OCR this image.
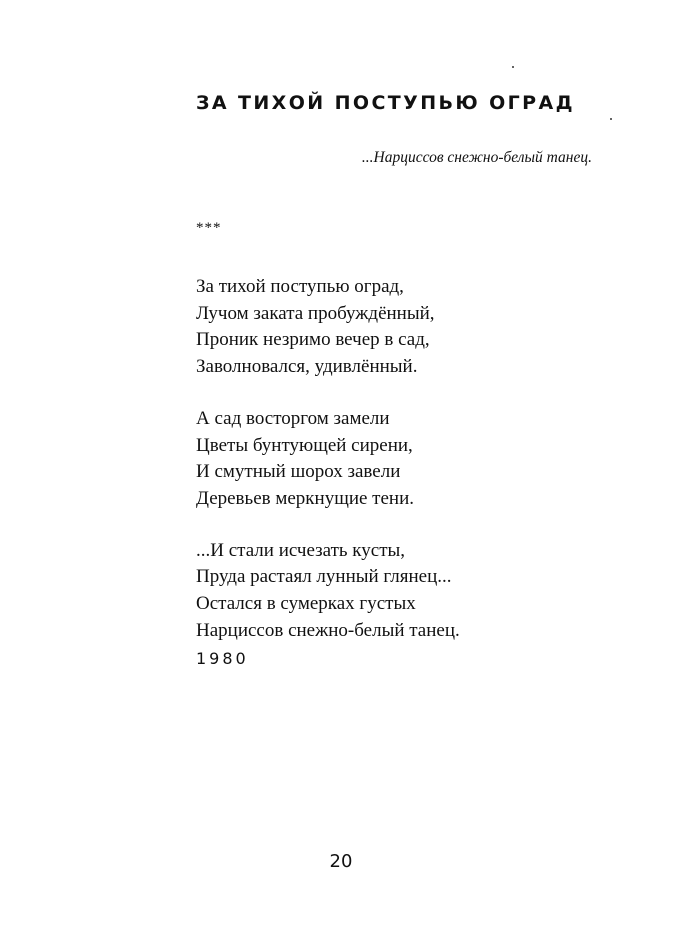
ЗА ТИХОЙ ПОСТУПЬЮ ОГРАД

...Нарциссов снежно-белый танец.

***

За тихой поступью оград,
Лучом заката пробуждённый,
Проник незримо вечер в сад,
Заволновался, удивлённый.
А сад восторгом замели
Цветы бунтующей сирени,
И смутный шорох завели
Деревьев меркнущие тени.
...И стали исчезать кусты,
Пруда растаял лунный глянец...
Остался в сумерках густых
Нарциссов снежно-белый танец.

1980

20
